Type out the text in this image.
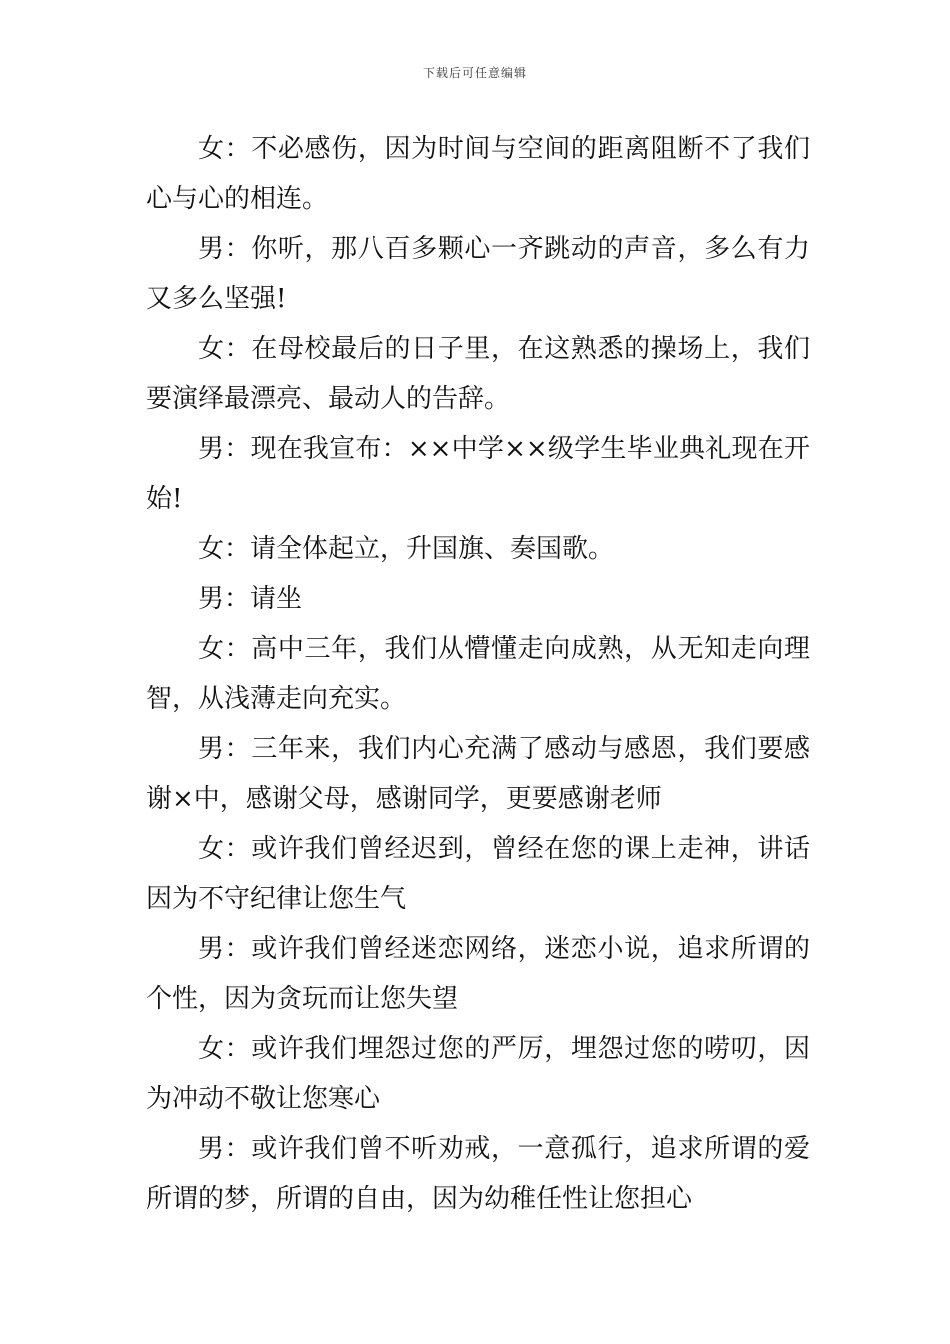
下载后可任意编辑

女：不必感伤，因为时间与空间的距离阻断不了我们心与心的相连。

男：你听，那八百多颗心一齐跳动的声音，多么有力又多么坚强!

女：在母校最后的日子里，在这熟悉的操场上，我们要演绎最漂亮、最动人的告辞。

男：现在我宣布：××中学××级学生毕业典礼现在开始!

女：请全体起立，升国旗、奏国歌。

男：请坐

女：高中三年，我们从懵懂走向成熟，从无知走向理智，从浅薄走向充实。

男：三年来，我们内心充满了感动与感恩，我们要感谢×中，感谢父母，感谢同学，更要感谢老师

女：或许我们曾经迟到，曾经在您的课上走神，讲话因为不守纪律让您生气

男：或许我们曾经迷恋网络，迷恋小说，追求所谓的个性，因为贪玩而让您失望

女：或许我们埋怨过您的严厉，埋怨过您的唠叨，因为冲动不敬让您寒心

男：或许我们曾不听劝戒，一意孤行，追求所谓的爱所谓的梦，所谓的自由，因为幼稚任性让您担心
